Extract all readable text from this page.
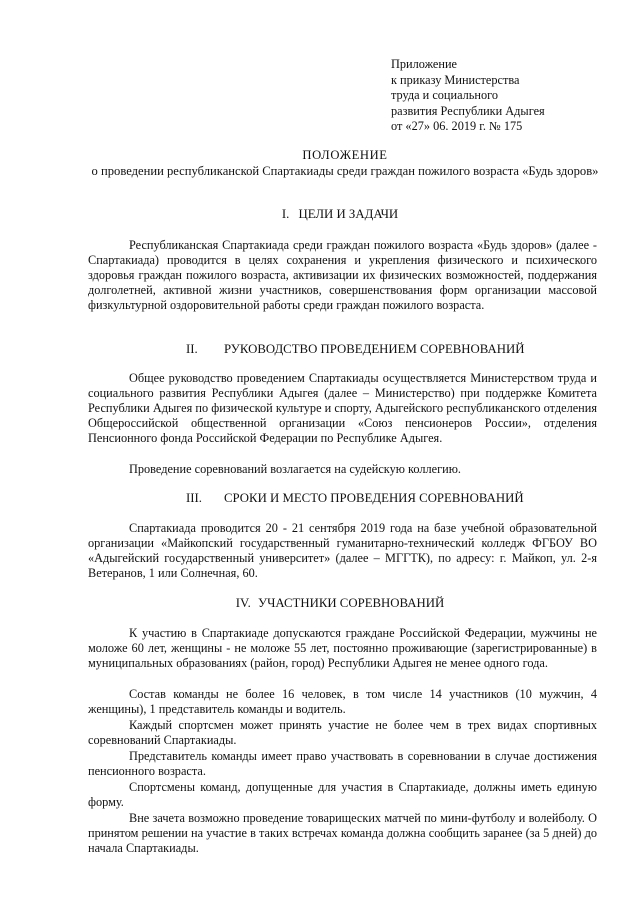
Приложение
к приказу Министерства
труда и социального
развития Республики Адыгея
от «27» 06. 2019 г. № 175
ПОЛОЖЕНИЕ
о проведении республиканской Спартакиады среди граждан пожилого возраста «Будь здоров»
I. ЦЕЛИ И ЗАДАЧИ
Республиканская Спартакиада среди граждан пожилого возраста «Будь здоров» (далее - Спартакиада) проводится в целях сохранения и укрепления физического и психического здоровья граждан пожилого возраста, активизации их физических возможностей, поддержания долголетней, активной жизни участников, совершенствования форм организации массовой физкультурной оздоровительной работы среди граждан пожилого возраста.
II. РУКОВОДСТВО ПРОВЕДЕНИЕМ СОРЕВНОВАНИЙ
Общее руководство проведением Спартакиады осуществляется Министерством труда и социального развития Республики Адыгея (далее – Министерство) при поддержке Комитета Республики Адыгея по физической культуре и спорту, Адыгейского республиканского отделения Общероссийской общественной организации «Союз пенсионеров России», отделения Пенсионного фонда Российской Федерации по Республике Адыгея.
Проведение соревнований возлагается на судейскую коллегию.
III. СРОКИ И МЕСТО ПРОВЕДЕНИЯ СОРЕВНОВАНИЙ
Спартакиада проводится 20 - 21 сентября 2019 года на базе учебной образовательной организации «Майкопский государственный гуманитарно-технический колледж ФГБОУ ВО «Адыгейский государственный университет» (далее – МГГТК), по адресу: г. Майкоп, ул. 2-я Ветеранов, 1 или Солнечная, 60.
IV. УЧАСТНИКИ СОРЕВНОВАНИЙ
К участию в Спартакиаде допускаются граждане Российской Федерации, мужчины не моложе 60 лет, женщины - не моложе 55 лет, постоянно проживающие (зарегистрированные) в муниципальных образованиях (район, город) Республики Адыгея не менее одного года.
Состав команды не более 16 человек, в том числе 14 участников (10 мужчин, 4 женщины), 1 представитель команды и водитель.
Каждый спортсмен может принять участие не более чем в трех видах спортивных соревнований Спартакиады.
Представитель команды имеет право участвовать в соревновании в случае достижения пенсионного возраста.
Спортсмены команд, допущенные для участия в Спартакиаде, должны иметь единую форму.
Вне зачета возможно проведение товарищеских матчей по мини-футболу и волейболу. О принятом решении на участие в таких встречах команда должна сообщить заранее (за 5 дней) до начала Спартакиады.
